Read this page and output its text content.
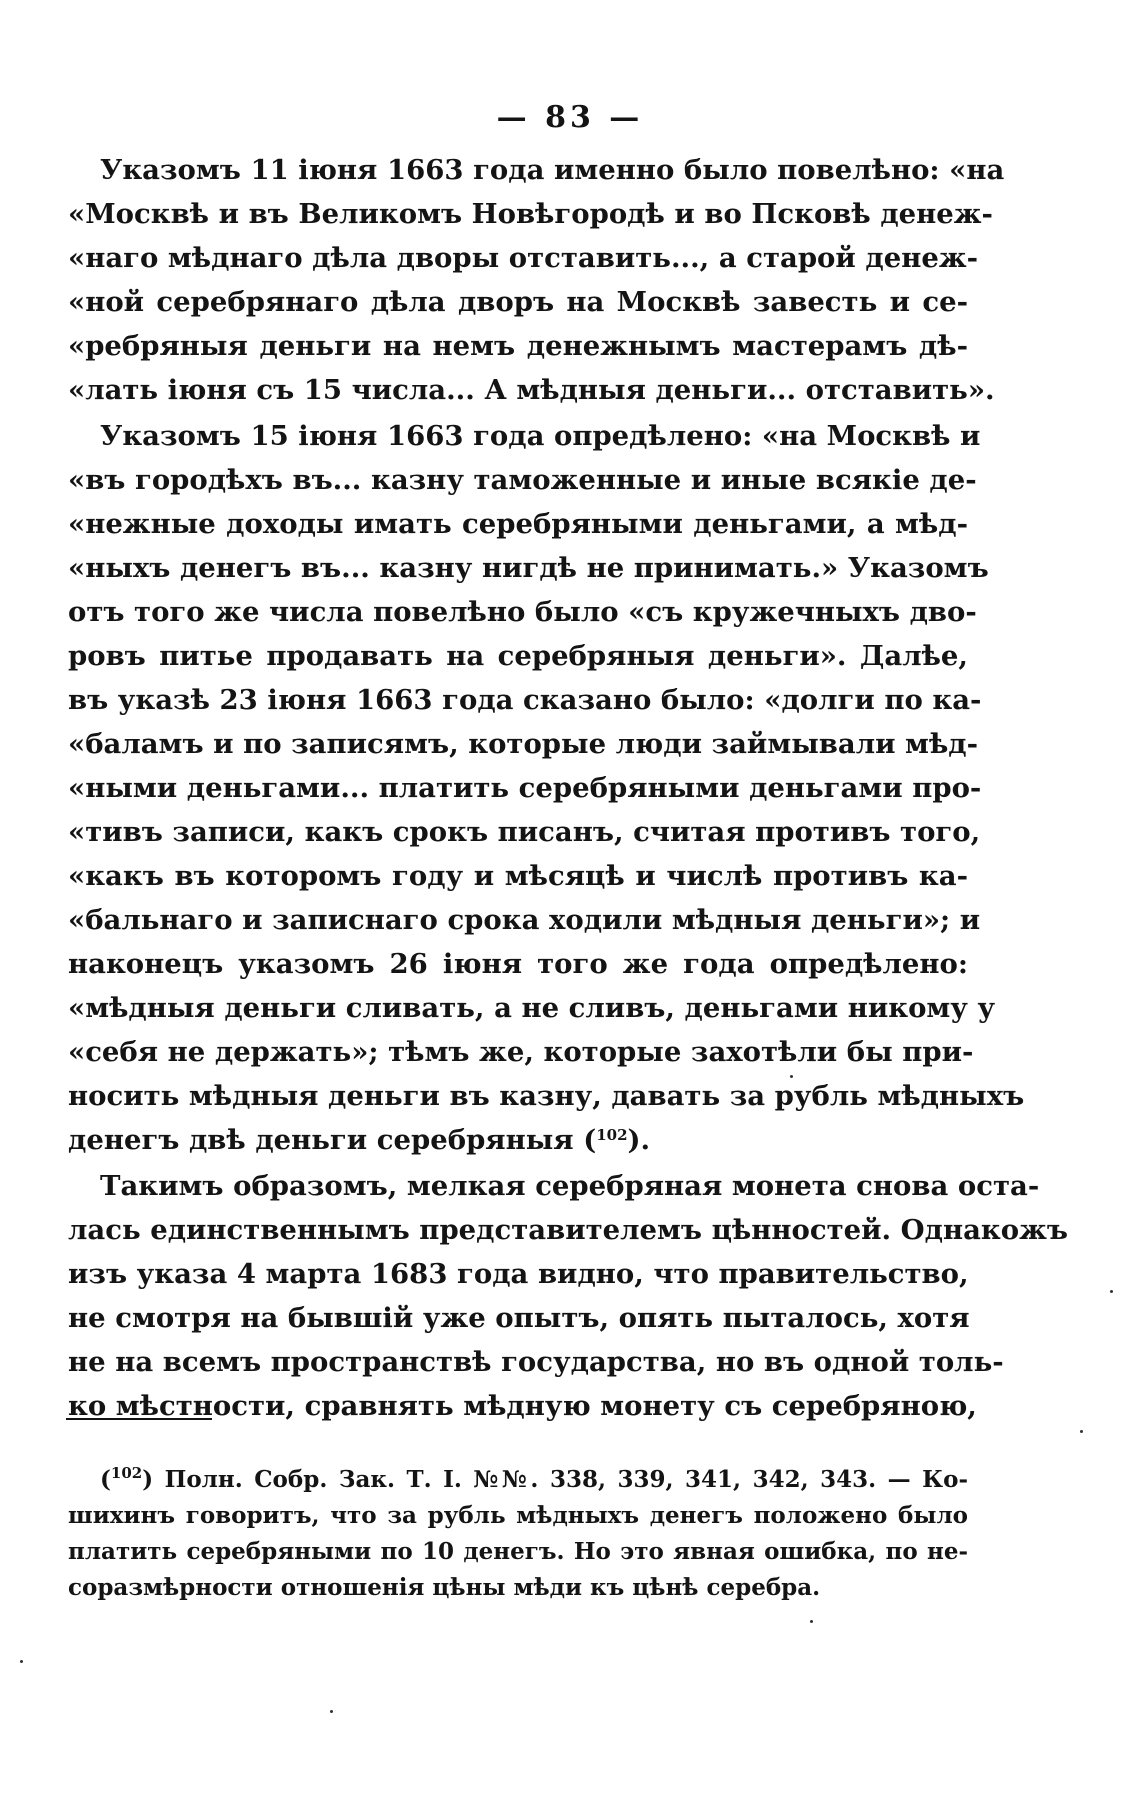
— 83 —
Указомъ 11 iюня 1663 года именно было повелѣно: «на
«Москвѣ и въ Великомъ Новѣгородѣ и во Псковѣ денеж-
«наго мѣднаго дѣла дворы отставить..., а старой денеж-
«ной серебрянаго дѣла дворъ на Москвѣ завесть и се-
«ребряныя деньги на немъ денежнымъ мастерамъ дѣ-
«лать iюня съ 15 числа... А мѣдныя деньги... отставить».
Указомъ 15 iюня 1663 года опредѣлено: «на Москвѣ и
«въ городѣхъ въ... казну таможенные и иные всякiе де-
«нежные доходы имать серебряными деньгами, а мѣд-
«ныхъ денегъ въ... казну нигдѣ не принимать.» Указомъ
отъ того же числа повелѣно было «съ кружечныхъ дво-
ровъ питье продавать на серебряныя деньги». Далѣе,
въ указѣ 23 iюня 1663 года сказано было: «долги по ка-
«баламъ и по записямъ, которые люди займывали мѣд-
«ными деньгами... платить серебряными деньгами про-
«тивъ записи, какъ срокъ писанъ, считая противъ того,
«какъ въ которомъ году и мѣсяцѣ и числѣ противъ ка-
«бальнаго и записнаго срока ходили мѣдныя деньги»; и
наконецъ указомъ 26 iюня того же года опредѣлено:
«мѣдныя деньги сливать, а не сливъ, деньгами никому у
«себя не держать»; тѣмъ же, которые захотѣли бы при-
носить мѣдныя деньги въ казну, давать за рубль мѣдныхъ
денегъ двѣ деньги серебряныя ($^{102}$).
Такимъ образомъ, мелкая серебряная монета снова оста-
лась единственнымъ представителемъ цѣнностей. Однакожъ
изъ указа 4 марта 1683 года видно, что правительство,
не смотря на бывшiй уже опытъ, опять пыталось, хотя
не на всемъ пространствѣ государства, но въ одной толь-
ко мѣстности, сравнять мѣдную монету съ серебряною,
($^{102}$) Полн. Собр. Зак. Т. I. №№. 338, 339, 341, 342, 343. — Ко-
шихинъ говоритъ, что за рубль мѣдныхъ денегъ положено было
платить серебряными по 10 денегъ. Но это явная ошибка, по не-
соразмѣрности отношенiя цѣны мѣди къ цѣнѣ серебра.
